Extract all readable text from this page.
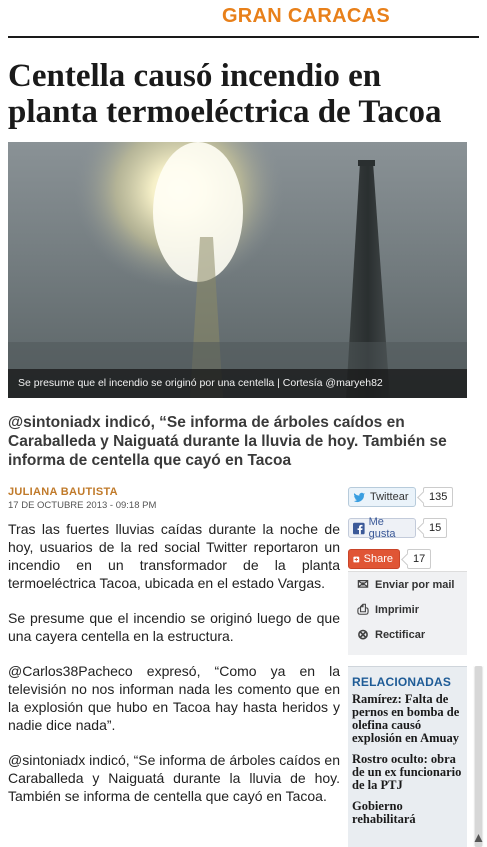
GRAN CARACAS
Centella causó incendio en planta termoeléctrica de Tacoa
Se presume que el incendio se originó por una centella | Cortesía @maryeh82
@sintoniadx indicó, “Se informa de árboles caídos en Caraballeda y Naiguatá durante la lluvia de hoy. También se informa de centella que cayó en Tacoa
JULIANA BAUTISTA
17 DE OCTUBRE 2013 - 09:18 PM

Tras las fuertes lluvias caídas durante la noche de hoy, usuarios de la red social Twitter reportaron un incendio en un transformador de la planta termoeléctrica Tacoa, ubicada en el estado Vargas.

Se presume que el incendio se originó luego de que una cayera centella en la estructura.

@Carlos38Pacheco expresó, “Como ya en la televisión no nos informan nada les comento que en la explosión que hubo en Tacoa hay hasta heridos y nadie dice nada”.

@sintoniadx indicó, “Se informa de árboles caídos en Caraballeda y Naiguatá durante la lluvia de hoy. También se informa de centella que cayó en Tacoa.

Twittear	135
Me gusta	15
Share	17
✉ Enviar por mail
⎙ Imprimir
⊗ Rectificar
RELACIONADAS
Ramírez: Falta de pernos en bomba de olefina causó explosión en Amuay
Rostro oculto: obra de un ex funcionario de la PTJ
Gobierno rehabilitará
